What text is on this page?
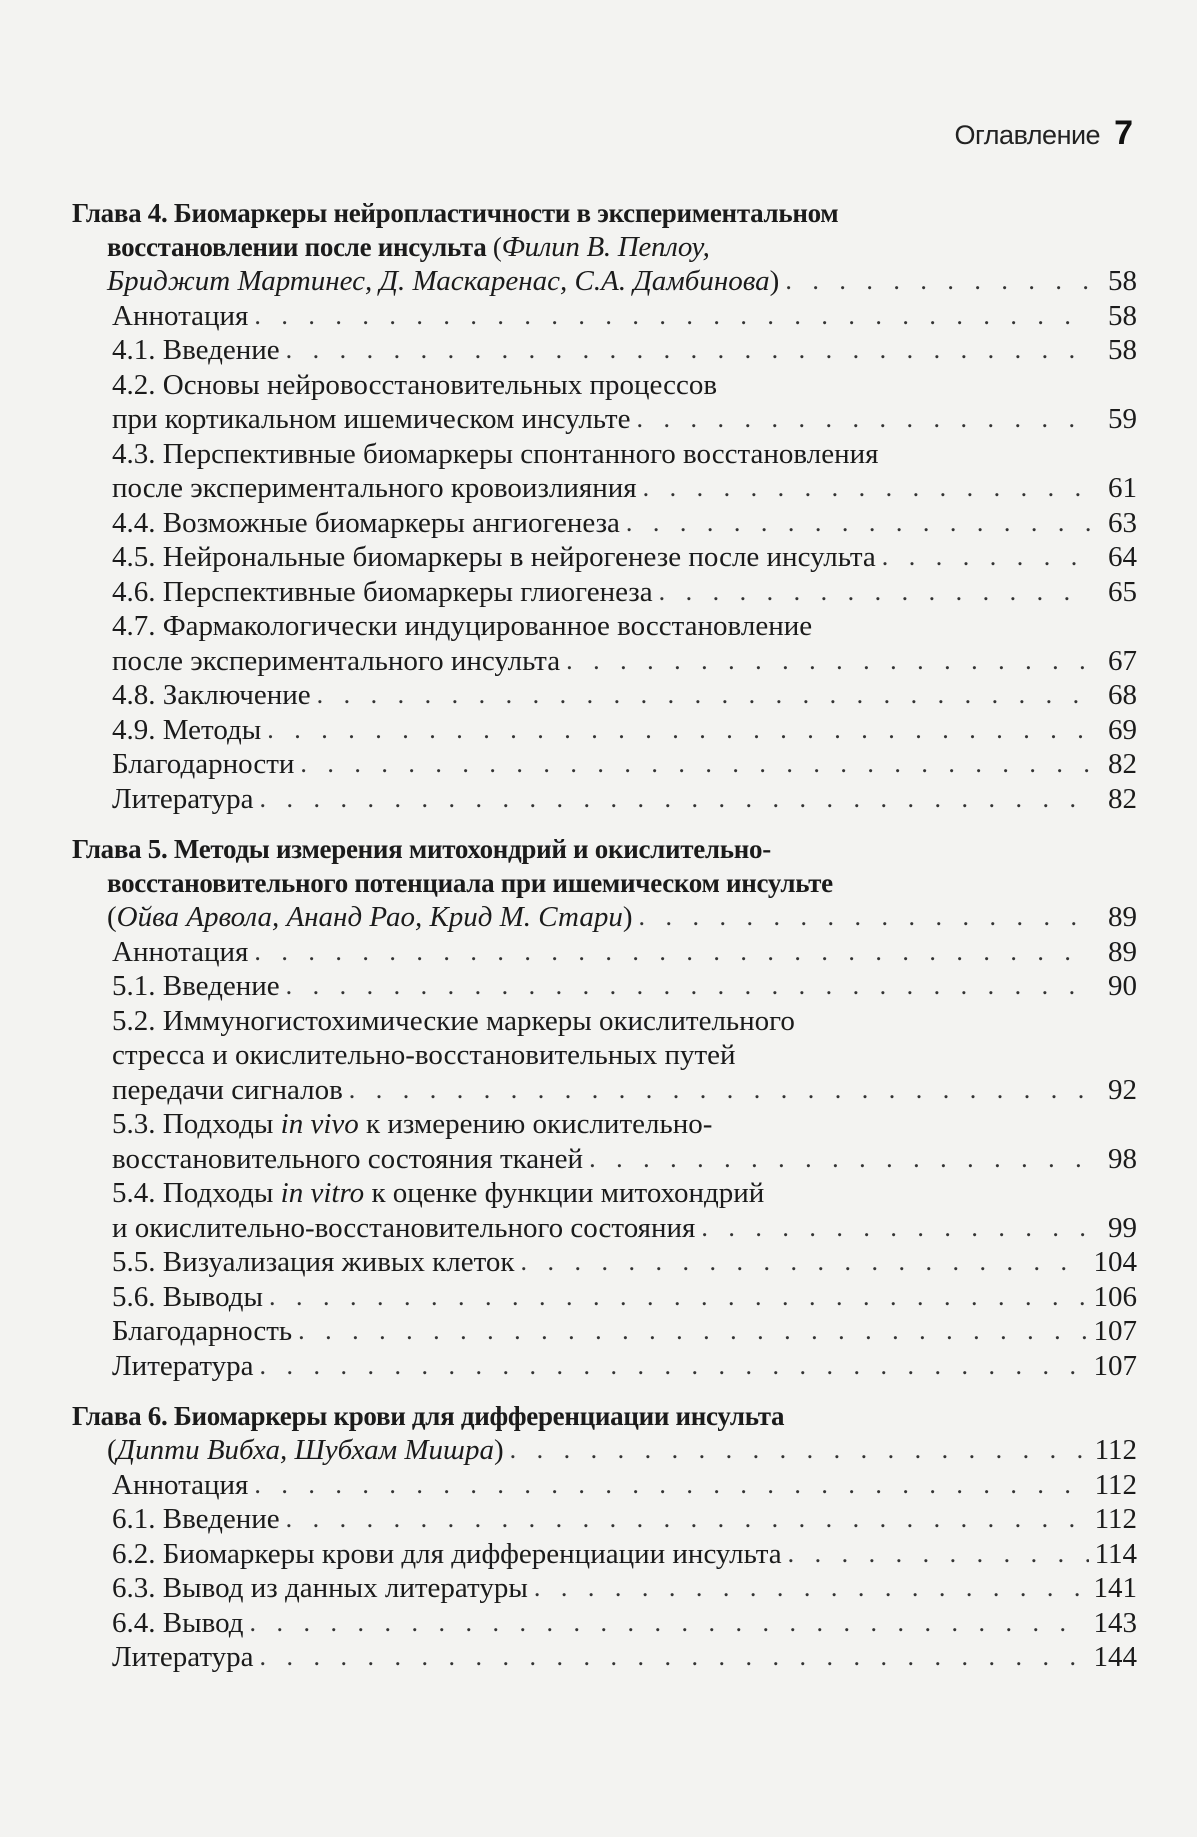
Оглавление 7
Глава 4. Биомаркеры нейропластичности в экспериментальном
восстановлении после инсульта (Филип В. Пеплоу,
Бриджит Мартинес, Д. Маскаренас, С.А. Дамбинова) . . .	58
Аннотация . . .	58
4.1. Введение . . .	58
4.2. Основы нейровосстановительных процессов
при кортикальном ишемическом инсульте . . .	59
4.3. Перспективные биомаркеры спонтанного восстановления
после экспериментального кровоизлияния . . .	61
4.4. Возможные биомаркеры ангиогенеза . . .	63
4.5. Нейрональные биомаркеры в нейрогенезе после инсульта . . .	64
4.6. Перспективные биомаркеры глиогенеза . . .	65
4.7. Фармакологически индуцированное восстановление
после экспериментального инсульта . . .	67
4.8. Заключение . . .	68
4.9. Методы . . .	69
Благодарности . . .	82
Литература . . .	82
Глава 5. Методы измерения митохондрий и окислительно-
восстановительного потенциала при ишемическом инсульте
(Ойва Арвола, Ананд Рао, Крид М. Стари) . . .	89
Аннотация . . .	89
5.1. Введение . . .	90
5.2. Иммуногистохимические маркеры окислительного
стресса и окислительно-восстановительных путей
передачи сигналов . . .	92
5.3. Подходы in vivo к измерению окислительно-
восстановительного состояния тканей . . .	98
5.4. Подходы in vitro к оценке функции митохондрий
и окислительно-восстановительного состояния . . .	99
5.5. Визуализация живых клеток . . .	104
5.6. Выводы . . .	106
Благодарность . . .	107
Литература . . .	107
Глава 6. Биомаркеры крови для дифференциации инсульта
(Дипти Вибха, Шубхам Мишра) . . .	112
Аннотация . . .	112
6.1. Введение . . .	112
6.2. Биомаркеры крови для дифференциации инсульта . . .	114
6.3. Вывод из данных литературы . . .	141
6.4. Вывод . . .	143
Литература . . .	144
